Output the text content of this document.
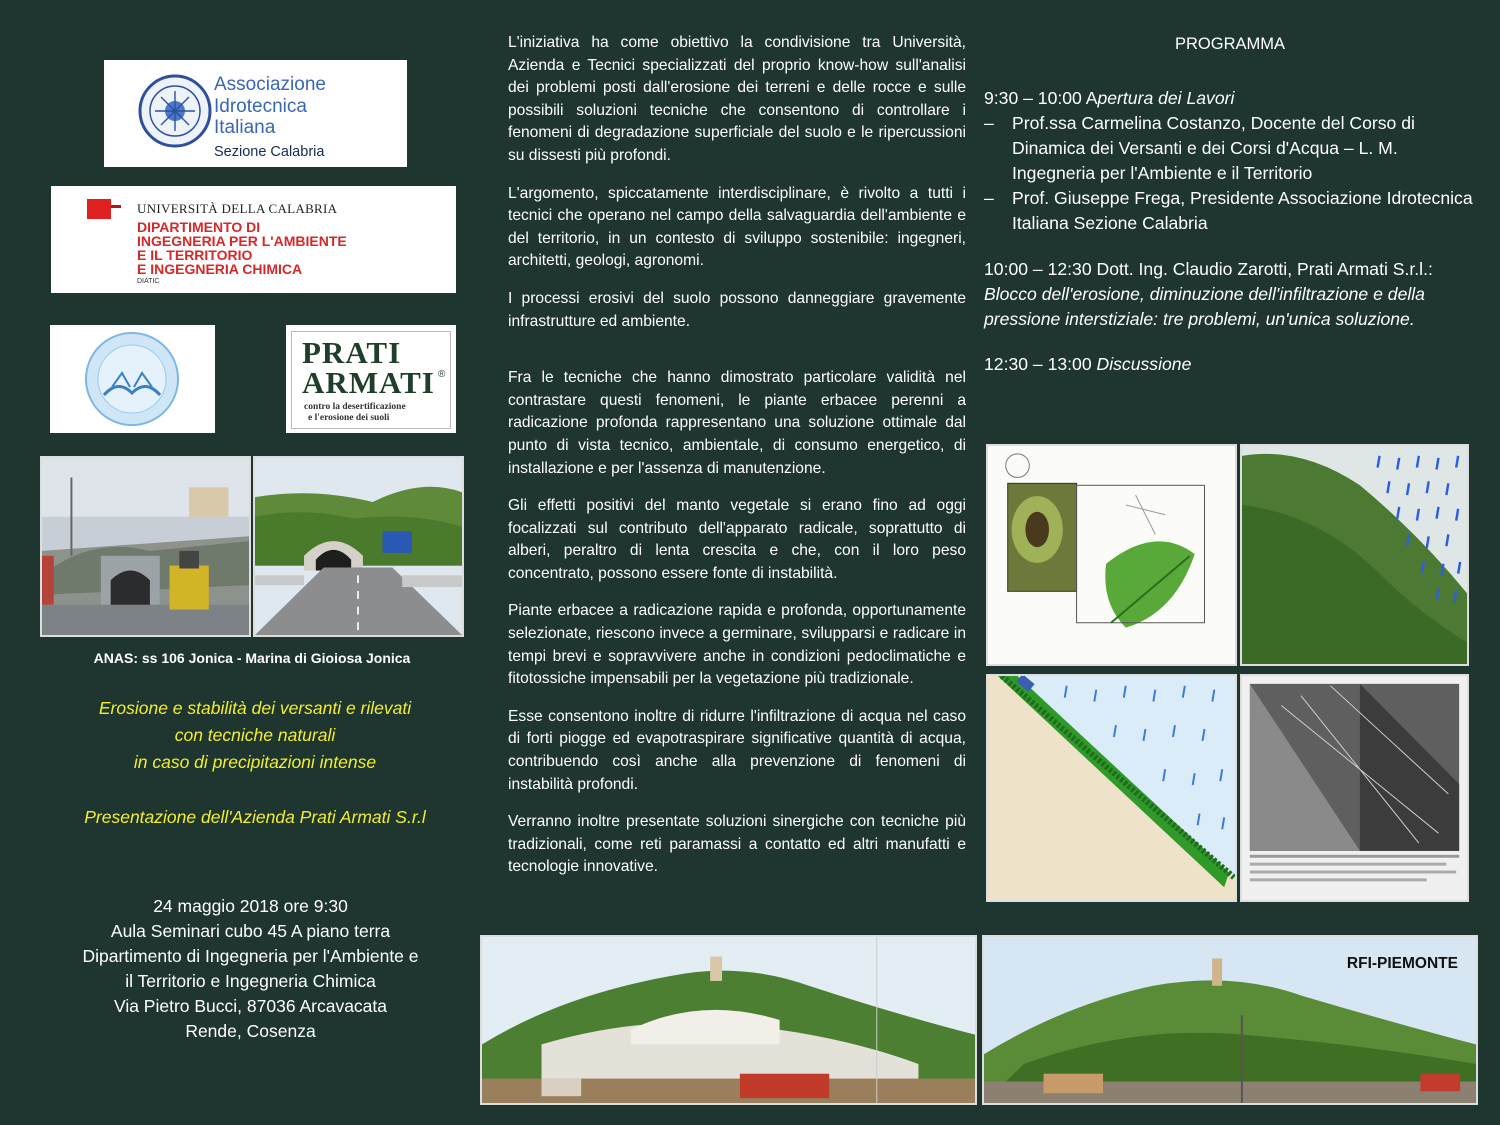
Associazione
Idrotecnica
Italiana
Sezione Calabria
UNIVERSITÀ DELLA CALABRIA
DIPARTIMENTO DI
INGEGNERIA PER L'AMBIENTE
E IL TERRITORIO
E INGEGNERIA CHIMICA
DIATIC
PRATI
ARMATI ®
contro la desertificazione
e l'erosione dei suoli
ANAS: ss 106 Jonica - Marina di Gioiosa Jonica
Erosione e stabilità dei versanti e rilevati
con tecniche naturali
in caso di precipitazioni intense
Presentazione dell'Azienda Prati Armati S.r.l
24 maggio 2018 ore 9:30
Aula Seminari cubo 45 A piano terra
Dipartimento di Ingegneria per l'Ambiente e
il Territorio e Ingegneria Chimica
Via Pietro Bucci, 87036 Arcavacata
Rende, Cosenza

L'iniziativa ha come obiettivo la condivisione tra Università, Azienda e Tecnici specializzati del proprio know-how sull'analisi dei problemi posti dall'erosione dei terreni e delle rocce e sulle possibili soluzioni tecniche che consentono di controllare i fenomeni di degradazione superficiale del suolo e le ripercussioni su dissesti più profondi.

L'argomento, spiccatamente interdisciplinare, è rivolto a tutti i tecnici che operano nel campo della salvaguardia dell'ambiente e del territorio, in un contesto di sviluppo sostenibile: ingegneri, architetti, geologi, agronomi.

I processi erosivi del suolo possono danneggiare gravemente infrastrutture ed ambiente.

Fra le tecniche che hanno dimostrato particolare validità nel contrastare questi fenomeni, le piante erbacee perenni a radicazione profonda rappresentano una soluzione ottimale dal punto di vista tecnico, ambientale, di consumo energetico, di installazione e per l'assenza di manutenzione.

Gli effetti positivi del manto vegetale si erano fino ad oggi focalizzati sul contributo dell'apparato radicale, soprattutto di alberi, peraltro di lenta crescita e che, con il loro peso concentrato, possono essere fonte di instabilità.

Piante erbacee a radicazione rapida e profonda, opportunamente selezionate, riescono invece a germinare, svilupparsi e radicare in tempi brevi e sopravvivere anche in condizioni pedoclimatiche e fitotossiche impensabili per la vegetazione più tradizionale.

Esse consentono inoltre di ridurre l'infiltrazione di acqua nel caso di forti piogge ed evapotraspirare significative quantità di acqua, contribuendo così anche alla prevenzione di fenomeni di instabilità profondi.

Verranno inoltre presentate soluzioni sinergiche con tecniche più tradizionali, come reti paramassi a contatto ed altri manufatti e tecnologie innovative.

PROGRAMMA
9:30 – 10:00 Apertura dei Lavori
–	Prof.ssa Carmelina Costanzo, Docente del Corso di Dinamica dei Versanti e dei Corsi d'Acqua – L. M. Ingegneria per l'Ambiente e il Territorio
–	Prof. Giuseppe Frega, Presidente Associazione Idrotecnica Italiana Sezione Calabria
10:00 – 12:30 Dott. Ing. Claudio Zarotti, Prati Armati S.r.l.: Blocco dell'erosione, diminuzione dell'infiltrazione e della pressione interstiziale: tre problemi, un'unica soluzione.
12:30 – 13:00 Discussione
RFI-PIEMONTE
